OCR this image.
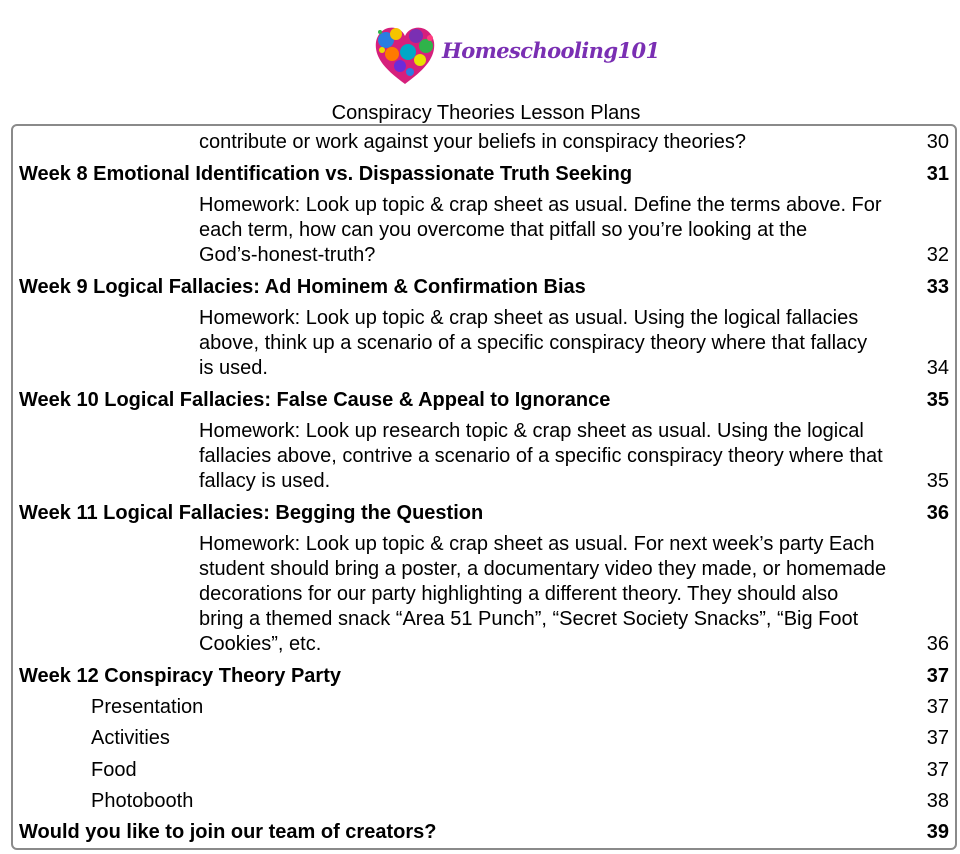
Homeschooling101
Conspiracy Theories Lesson Plans
contribute or work against your beliefs in conspiracy theories?	30
Week 8 Emotional Identification vs. Dispassionate Truth Seeking	31
Homework: Look up topic & crap sheet as usual. Define the terms above. For
each term, how can you overcome that pitfall so you’re looking at the
God’s-honest-truth?	32
Week 9 Logical Fallacies: Ad Hominem & Confirmation Bias	33
Homework: Look up topic & crap sheet as usual. Using the logical fallacies
above, think up a scenario of a specific conspiracy theory where that fallacy
is used.	34
Week 10 Logical Fallacies: False Cause & Appeal to Ignorance	35
Homework: Look up research topic & crap sheet as usual. Using the logical
fallacies above, contrive a scenario of a specific conspiracy theory where that
fallacy is used.	35
Week 11 Logical Fallacies: Begging the Question	36
Homework: Look up topic & crap sheet as usual. For next week’s party Each
student should bring a poster, a documentary video they made, or homemade
decorations for our party highlighting a different theory. They should also
bring a themed snack “Area 51 Punch”, “Secret Society Snacks”, “Big Foot
Cookies”, etc.	36
Week 12 Conspiracy Theory Party	37
Presentation	37
Activities	37
Food	37
Photobooth	38
Would you like to join our team of creators?	39
